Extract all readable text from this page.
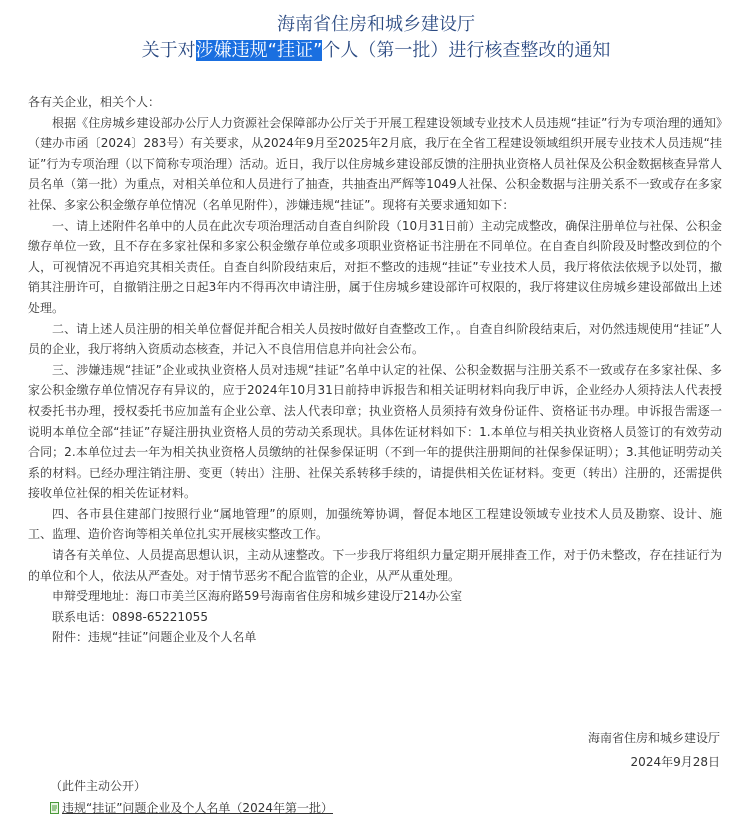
海南省住房和城乡建设厅
关于对涉嫌违规“挂证”个人（第一批）进行核查整改的通知

各有关企业，相关个人：

根据《住房城乡建设部办公厅人力资源社会保障部办公厅关于开展工程建设领域专业技术人员违规“挂证”行为专项治理的通知》（建办市函〔2024〕283号）有关要求，从2024年9月至2025年2月底，我厅在全省工程建设领域组织开展专业技术人员违规“挂证”行为专项治理（以下简称专项治理）活动。近日，我厅以住房城乡建设部反馈的注册执业资格人员社保及公积金数据核查异常人员名单（第一批）为重点，对相关单位和人员进行了抽查，共抽查出严辉等1049人社保、公积金数据与注册关系不一致或存在多家社保、多家公积金缴存单位情况（名单见附件），涉嫌违规“挂证”。现将有关要求通知如下：

一、请上述附件名单中的人员在此次专项治理活动自查自纠阶段（10月31日前）主动完成整改，确保注册单位与社保、公积金缴存单位一致，且不存在多家社保和多家公积金缴存单位或多项职业资格证书注册在不同单位。在自查自纠阶段及时整改到位的个人，可视情况不再追究其相关责任。自查自纠阶段结束后，对拒不整改的违规“挂证”专业技术人员，我厅将依法依规予以处罚，撤销其注册许可，自撤销注册之日起3年内不得再次申请注册，属于住房城乡建设部许可权限的，我厅将建议住房城乡建设部做出上述处理。

二、请上述人员注册的相关单位督促并配合相关人员按时做好自查整改工作，。自查自纠阶段结束后，对仍然违规使用“挂证”人员的企业，我厅将纳入资质动态核查，并记入不良信用信息并向社会公布。

三、涉嫌违规“挂证”企业或执业资格人员对违规“挂证”名单中认定的社保、公积金数据与注册关系不一致或存在多家社保、多家公积金缴存单位情况存有异议的，应于2024年10月31日前持申诉报告和相关证明材料向我厅申诉，企业经办人须持法人代表授权委托书办理，授权委托书应加盖有企业公章、法人代表印章；执业资格人员须持有效身份证件、资格证书办理。申诉报告需逐一说明本单位全部“挂证”存疑注册执业资格人员的劳动关系现状。具体佐证材料如下：1.本单位与相关执业资格人员签订的有效劳动合同；2.本单位过去一年为相关执业资格人员缴纳的社保参保证明（不到一年的提供注册期间的社保参保证明）；3.其他证明劳动关系的材料。已经办理注销注册、变更（转出）注册、社保关系转移手续的，请提供相关佐证材料。变更（转出）注册的，还需提供接收单位社保的相关佐证材料。

四、各市县住建部门按照行业“属地管理”的原则，加强统筹协调，督促本地区工程建设领域专业技术人员及勘察、设计、施工、监理、造价咨询等相关单位扎实开展核实整改工作。

请各有关单位、人员提高思想认识，主动从速整改。下一步我厅将组织力量定期开展排查工作，对于仍未整改，存在挂证行为的单位和个人，依法从严查处。对于情节恶劣不配合监管的企业，从严从重处理。

申辩受理地址：海口市美兰区海府路59号海南省住房和城乡建设厅214办公室

联系电话：0898-65221055

附件：违规“挂证”问题企业及个人名单

海南省住房和城乡建设厅
2024年9月28日
（此件主动公开）
违规“挂证”问题企业及个人名单（2024年第一批）
